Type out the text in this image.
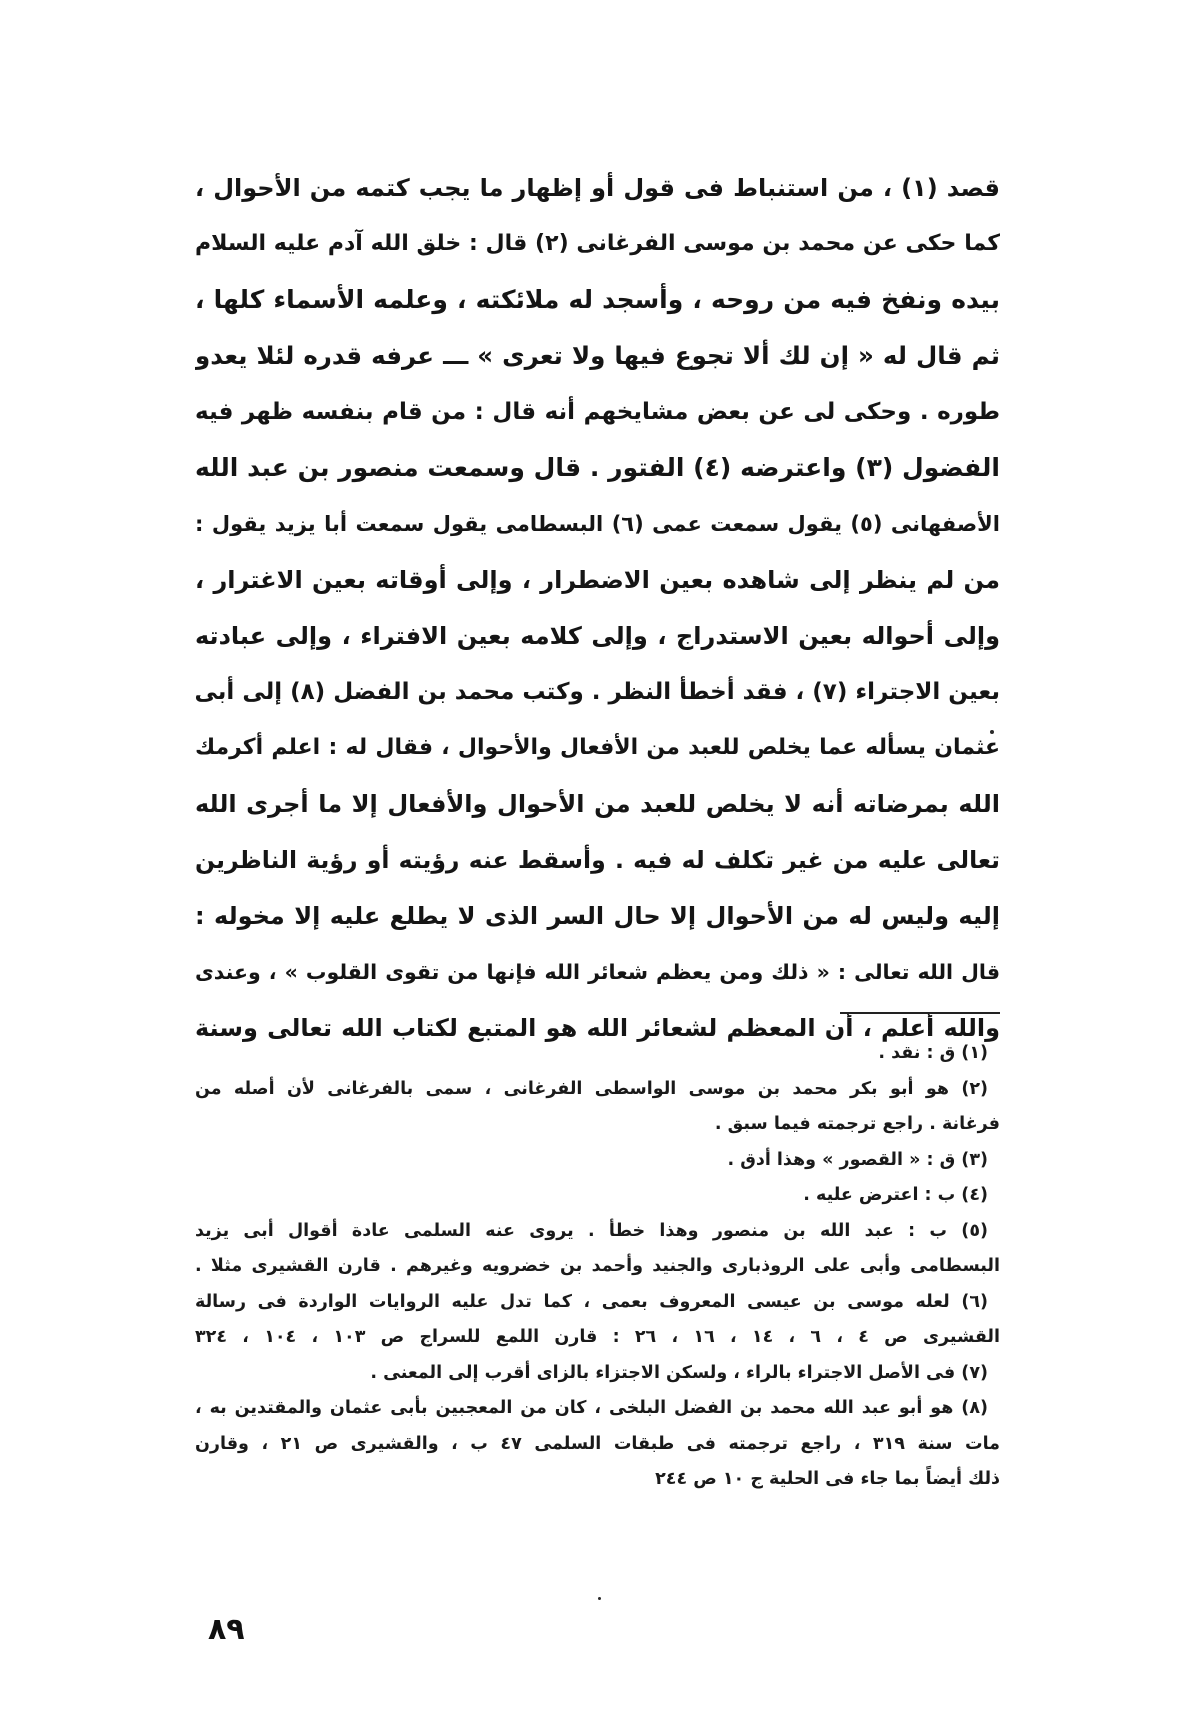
قصد (١) ، من استنباط فى قول أو إظهار ما يجب كتمه من الأحوال ،
كما حكى عن محمد بن موسى الفرغانى (٢) قال : خلق الله آدم عليه السلام
بيده ونفخ فيه من روحه ، وأسجد له ملائكته ، وعلمه الأسماء كلها ،
ثم قال له « إن لك ألا تجوع فيها ولا تعرى » ـــ عرفه قدره لئلا يعدو
طوره . وحكى لى عن بعض مشايخهم أنه قال : من قام بنفسه ظهر فيه
الفضول (٣) واعترضه (٤) الفتور . قال وسمعت منصور بن عبد الله
الأصفهانى (٥) يقول سمعت عمى (٦) البسطامى يقول سمعت أبا يزيد يقول :
من لم ينظر إلى شاهده بعين الاضطرار ، وإلى أوقاته بعين الاغترار ،
وإلى أحواله بعين الاستدراج ، وإلى كلامه بعين الافتراء ، وإلى عبادته
بعين الاجتراء (٧) ، فقد أخطأ النظر . وكتب محمد بن الفضل (٨) إلى أبى
عثمان يسأله عما يخلص للعبد من الأفعال والأحوال ، فقال له : اعلم أكرمك
الله بمرضاته أنه لا يخلص للعبد من الأحوال والأفعال إلا ما أجرى الله
تعالى عليه من غير تكلف له فيه . وأسقط عنه رؤيته أو رؤية الناظرين
إليه وليس له من الأحوال إلا حال السر الذى لا يطلع عليه إلا مخوله :
قال الله تعالى : « ذلك ومن يعظم شعائر الله فإنها من تقوى القلوب » ، وعندى
والله أعلم ، أن المعظم لشعائر الله هو المتبع لكتاب الله تعالى وسنة
(١) ق : نقد .
(٢) هو أبو بكر محمد بن موسى الواسطى الفرغانى ، سمى بالفرغانى لأن أصله من
فرغانة . راجع ترجمته فيما سبق .
(٣) ق : « القصور » وهذا أدق .
(٤) ب : اعترض عليه .
(٥) ب : عبد الله بن منصور وهذا خطأ . يروى عنه السلمى عادة أقوال أبى يزيد
البسطامى وأبى على الروذبارى والجنيد وأحمد بن خضرويه وغيرهم . قارن القشيرى مثلا .
(٦) لعله موسى بن عيسى المعروف بعمى ، كما تدل عليه الروايات الواردة فى رسالة
القشيرى ص ٤ ، ٦ ، ١٤ ، ١٦ ، ٢٦ : قارن اللمع للسراج ص ١٠٣ ، ١٠٤ ، ٣٢٤
(٧) فى الأصل الاجتراء بالراء ، ولسكن الاجتزاء بالزاى أقرب إلى المعنى .
(٨) هو أبو عبد الله محمد بن الفضل البلخى ، كان من المعجبين بأبى عثمان والمقتدين به ،
مات سنة ٣١٩ ، راجع ترجمته فى طبقات السلمى ٤٧ ب ، والقشيرى ص ٢١ ، وقارن
ذلك أيضاً بما جاء فى الحلية ج ١٠ ص ٢٤٤
٨٩
